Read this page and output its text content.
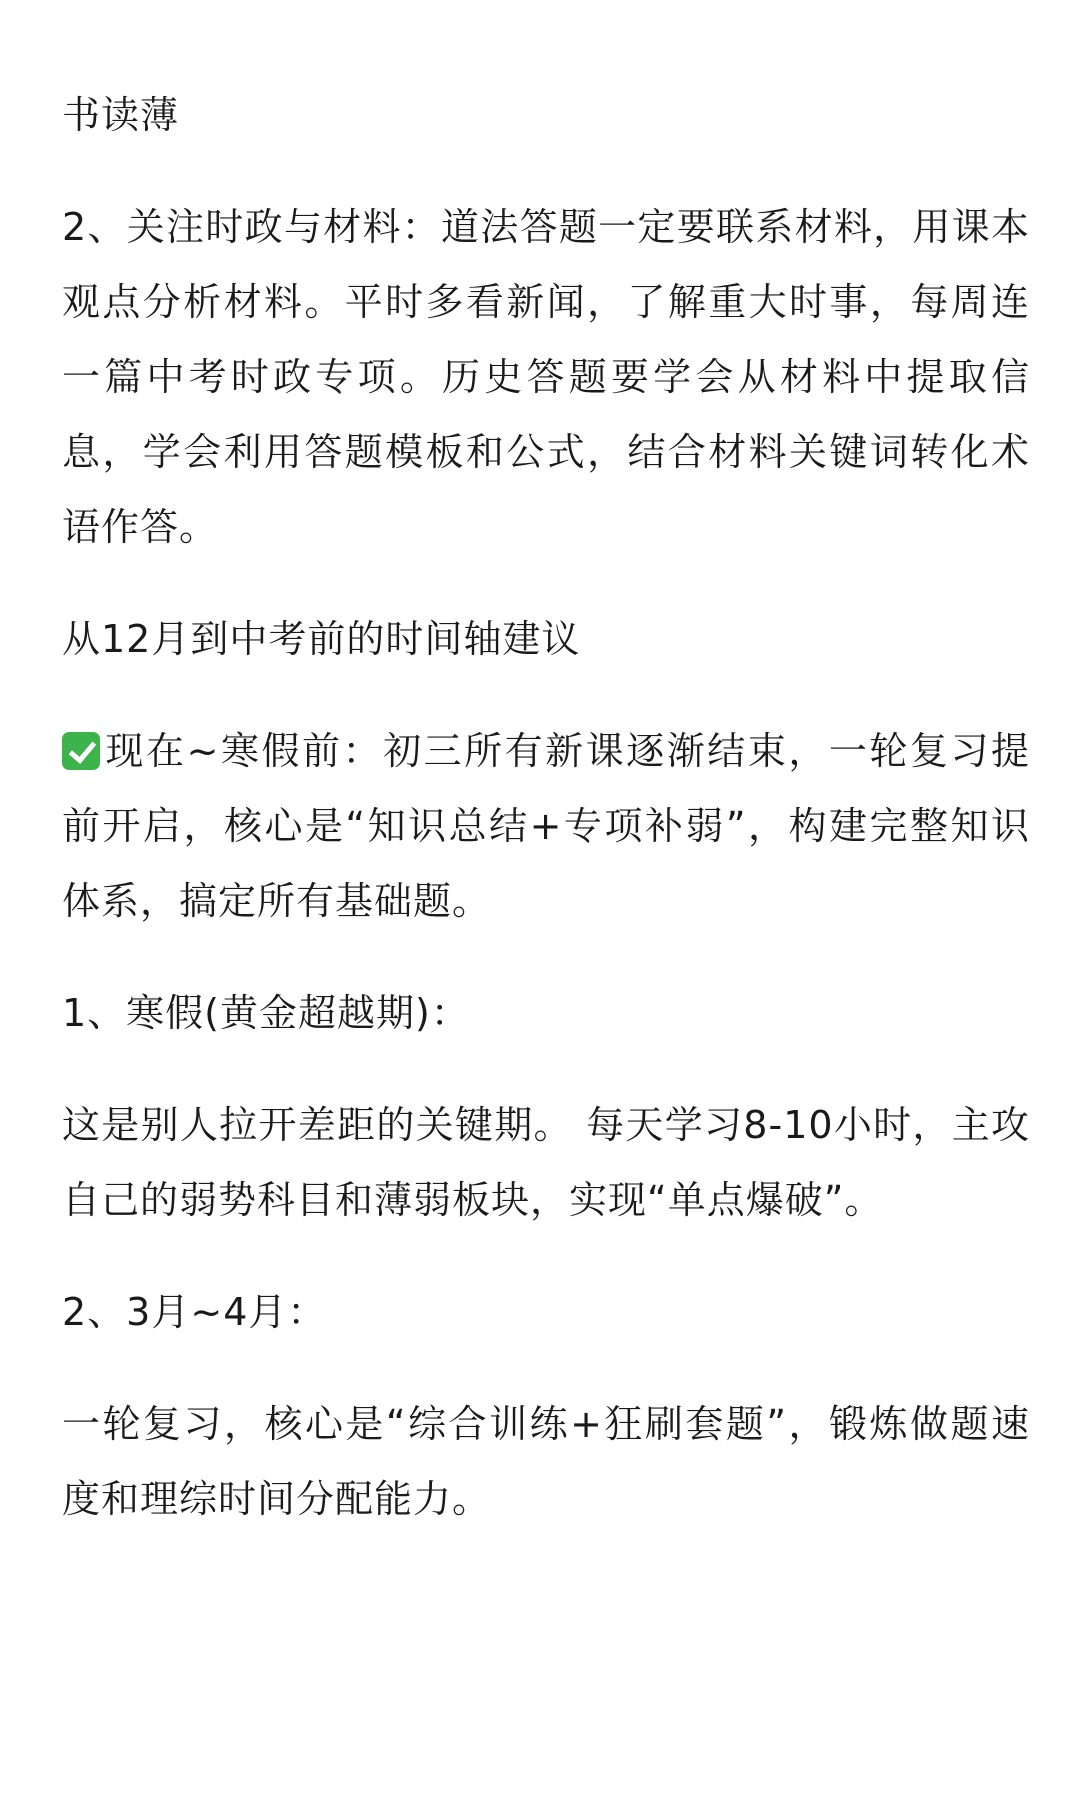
书读薄

2、关注时政与材料：道法答题一定要联系材料，用课本观点分析材料。平时多看新闻，了解重大时事，每周连一篇中考时政专项。历史答题要学会从材料中提取信息，学会利用答题模板和公式，结合材料关键词转化术语作答。

从12月到中考前的时间轴建议

现在~寒假前：初三所有新课逐渐结束，一轮复习提前开启，核心是“知识总结+专项补弱”，构建完整知识体系，搞定所有基础题。

1、寒假(黄金超越期)：

这是别人拉开差距的关键期。 每天学习8-10小时，主攻自己的弱势科目和薄弱板块，实现“单点爆破”。

2、3月~4月：

一轮复习，核心是“综合训练+狂刷套题”，锻炼做题速度和理综时间分配能力。
